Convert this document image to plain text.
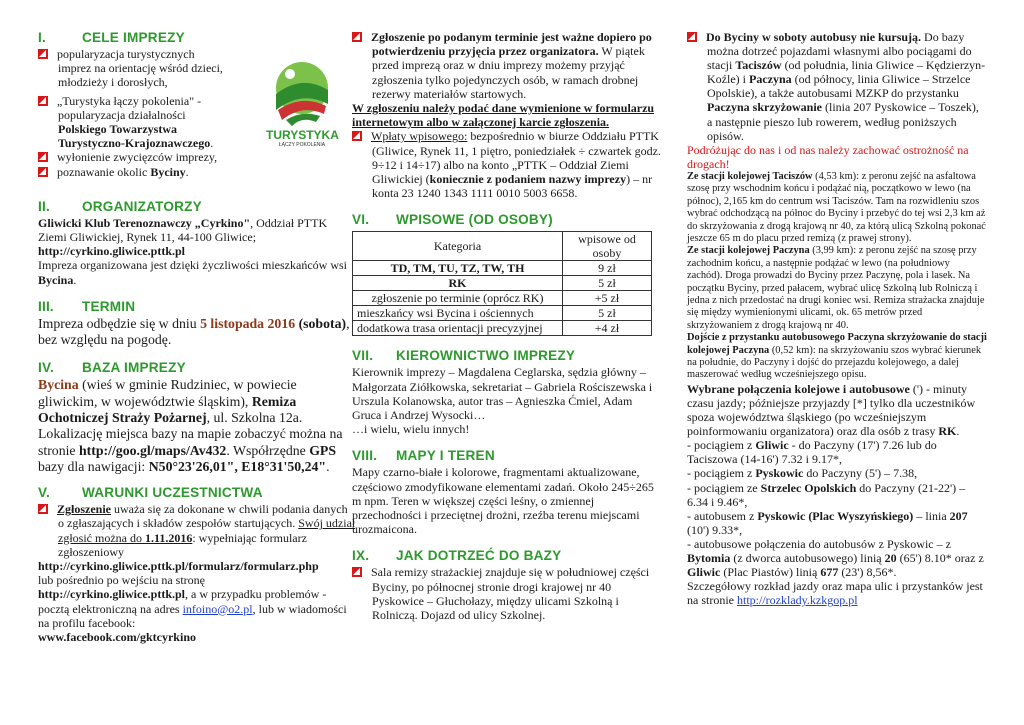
I.	CELE IMPREZY

popularyzacja turystycznych imprez na orientację wśród dzieci, młodzieży i dorosłych,

„Turystyka łączy pokolenia" - popularyzacja działalności Polskiego Towarzystwa Turystyczno-Krajoznawczego.

wyłonienie zwycięzców imprezy,

poznawanie okolic Byciny.

TURYSTYKA
ŁĄCZY POKOLENIA
II. ORGANIZATORZY

Gliwicki Klub Terenoznawczy „Cyrkino", Oddział PTTK Ziemi Gliwickiej, Rynek 11, 44-100 Gliwice;

http://cyrkino.gliwice.pttk.pl

Impreza organizowana jest dzięki życzliwości mieszkańców wsi Bycina.

III. TERMIN

Impreza odbędzie się w dniu 5 listopada 2016 (sobota), bez względu na pogodę.

IV. BAZA IMPREZY

Bycina (wieś w gminie Rudziniec, w powiecie gliwickim, w województwie śląskim), Remiza Ochotniczej Straży Pożarnej, ul. Szkolna 12a. Lokalizację miejsca bazy na mapie zobaczyć można na stronie http://goo.gl/maps/Av432. Współrzędne GPS bazy dla nawigacji: N50°23'26,01", E18°31'50,24".

V. WARUNKI UCZESTNICTWA

Zgłoszenie uważa się za dokonane w chwili podania danych o zgłaszających i składów zespołów startujących. Swój udział zgłosić można do 1.11.2016: wypełniając formularz zgłoszeniowy

http://cyrkino.gliwice.pttk.pl/formularz/formularz.php

lub pośrednio po wejściu na stronę

http://cyrkino.gliwice.pttk.pl, a w przypadku problemów - pocztą elektroniczną na adres infoino@o2.pl, lub w wiadomości na profilu facebook:

www.facebook.com/gktcyrkino

Zgłoszenie po podanym terminie jest ważne dopiero po potwierdzeniu przyjęcia przez organizatora. W piątek przed imprezą oraz w dniu imprezy możemy przyjąć zgłoszenia tylko pojedynczych osób, w ramach drobnej rezerwy materiałów startowych.

W zgłoszeniu należy podać dane wymienione w formularzu internetowym albo w załączonej karcie zgłoszenia.

Wpłaty wpisowego: bezpośrednio w biurze Oddziału PTTK (Gliwice, Rynek 11, 1 piętro, poniedziałek ÷ czwartek godz. 9÷12 i 14÷17) albo na konto „PTTK – Oddział Ziemi Gliwickiej (koniecznie z podaniem nazwy imprezy) – nr konta 23 1240 1343 1111 0010 5003 6658.

VI. WPISOWE (OD OSOBY)
Kategoria	wpisowe od osoby
TD, TM, TU, TZ, TW, TH	9 zł
RK	5 zł
zgłoszenie po terminie (oprócz RK)	+5 zł
mieszkańcy wsi Bycina i ościennych	5 zł
dodatkowa trasa orientacji precyzyjnej	+4 zł
VII. KIEROWNICTWO IMPREZY

Kierownik imprezy – Magdalena Ceglarska, sędzia główny – Małgorzata Ziółkowska, sekretariat – Gabriela Rościszewska i Urszula Kolanowska, autor tras – Agnieszka Ćmiel, Adam Gruca i Andrzej Wysocki…

…i wielu, wielu innych!

VIII. MAPY I TEREN

Mapy czarno-białe i kolorowe, fragmentami aktualizowane, częściowo zmodyfikowane elementami zadań. Około 245÷265 m npm. Teren w większej części leśny, o zmiennej przechodności i przeciętnej drożni, rzeźba terenu miejscami urozmaicona.

IX. JAK DOTRZEĆ DO BAZY

Sala remizy strażackiej znajduje się w południowej części Byciny, po północnej stronie drogi krajowej nr 40 Pyskowice – Głuchołazy, między ulicami Szkolną i Rolniczą. Dojazd od ulicy Szkolnej.

Do Byciny w soboty autobusy nie kursują. Do bazy można dotrzeć pojazdami własnymi albo pociągami do stacji Taciszów (od południa, linia Gliwice – Kędzierzyn-Koźle) i Paczyna (od północy, linia Gliwice – Strzelce Opolskie), a także autobusami MZKP do przystanku Paczyna skrzyżowanie (linia 207 Pyskowice – Toszek), a następnie pieszo lub rowerem, według poniższych opisów.

Podróżując do nas i od nas należy zachować ostrożność na drogach!

Ze stacji kolejowej Taciszów (4,53 km): z peronu zejść na asfaltowa szosę przy wschodnim końcu i podążać nią, początkowo w lewo (na północ), 2,165 km do centrum wsi Taciszów. Tam na rozwidleniu szos wybrać odchodzącą na północ do Byciny i przebyć do tej wsi 2,3 km aż do skrzyżowania z drogą krajową nr 40, za którą ulicą Szkolną pokonać jeszcze 65 m do placu przed remizą (z prawej strony).

Ze stacji kolejowej Paczyna (3,99 km): z peronu zejść na szosę przy zachodnim końcu, a następnie podążać w lewo (na południowy zachód). Droga prowadzi do Byciny przez Paczynę, pola i lasek. Na początku Byciny, przed pałacem, wybrać ulicę Szkolną lub Rolniczą i jedna z nich przedostać na drugi koniec wsi. Remiza strażacka znajduje się między wymienionymi ulicami, ok. 65 metrów przed skrzyżowaniem z drogą krajową nr 40.

Dojście z przystanku autobusowego Paczyna skrzyżowanie do stacji kolejowej Paczyna (0,52 km): na skrzyżowaniu szos wybrać kierunek na południe, do Paczyny i dojść do przejazdu kolejowego, a dalej maszerować według wcześniejszego opisu.

Wybrane połączenia kolejowe i autobusowe (') - minuty czasu jazdy; późniejsze przyjazdy [*] tylko dla uczestników spoza województwa śląskiego (po wcześniejszym poinformowaniu organizatora) oraz dla osób z trasy RK.

- pociągiem z Gliwic - do Paczyny (17') 7.26 lub do Taciszowa (14-16') 7.32 i 9.17*,

- pociągiem z Pyskowic do Paczyny (5') – 7.38,

- pociągiem ze Strzelec Opolskich do Paczyny (21-22') – 6.34 i 9.46*,

- autobusem z Pyskowic (Plac Wyszyńskiego) – linia 207 (10') 9.33*,

- autobusowe połączenia do autobusów z Pyskowic – z Bytomia (z dworca autobusowego) linią 20 (65') 8.10* oraz z Gliwic (Plac Piastów) linią 677 (23') 8,56*.

Szczegółowy rozkład jazdy oraz mapa ulic i przystanków jest na stronie http://rozklady.kzkgop.pl
